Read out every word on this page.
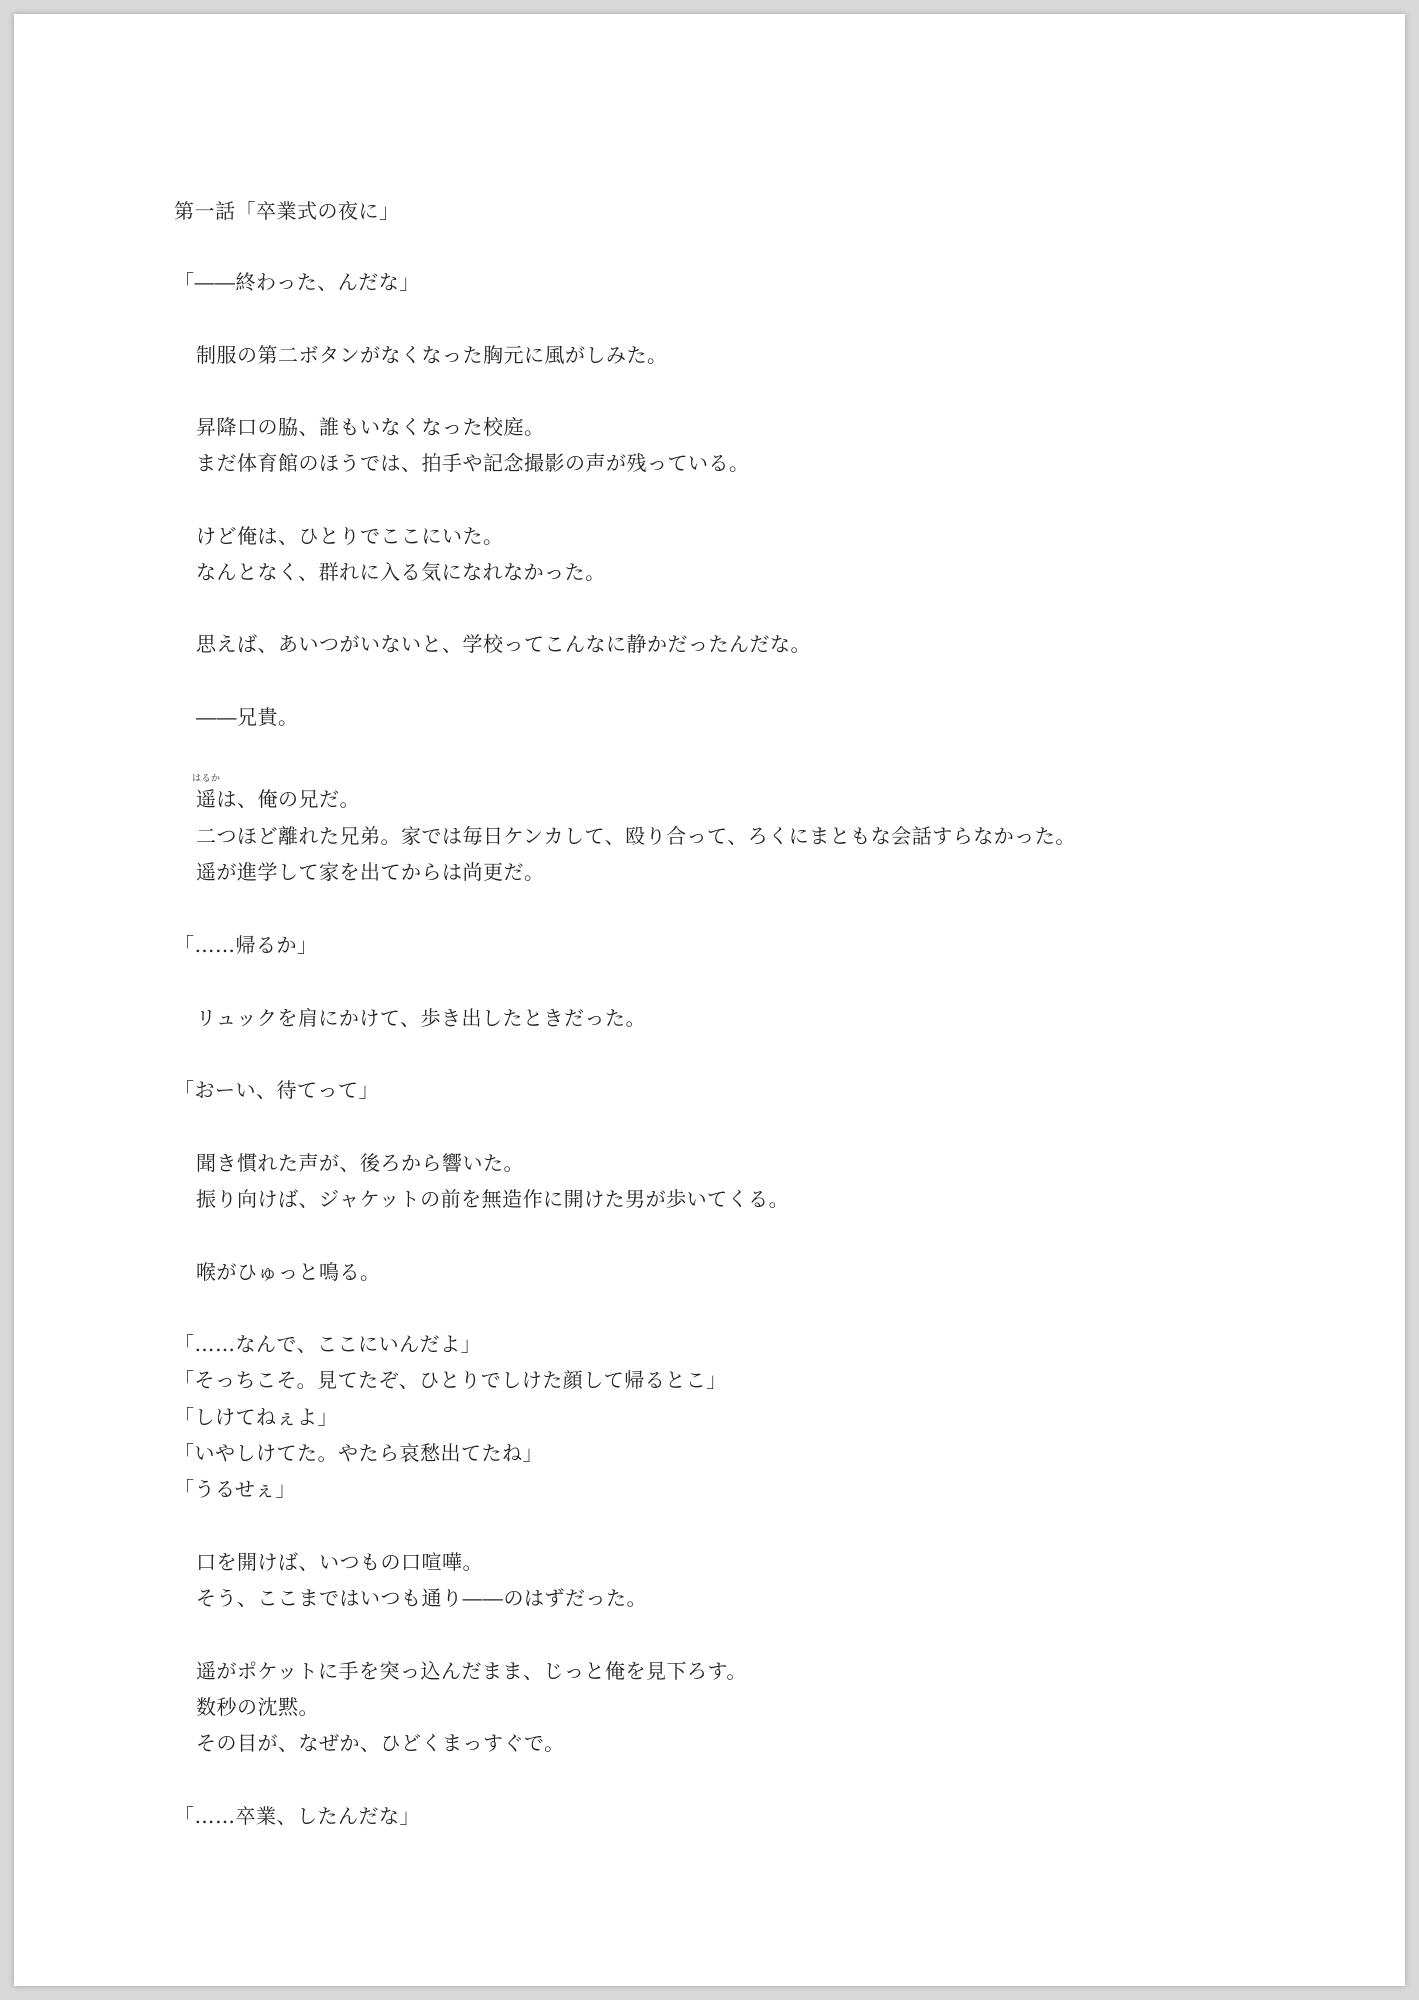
第一話「卒業式の夜に」

「――終わった、んだな」

制服の第二ボタンがなくなった胸元に風がしみた。

昇降口の脇、誰もいなくなった校庭。

まだ体育館のほうでは、拍手や記念撮影の声が残っている。

けど俺は、ひとりでここにいた。

なんとなく、群れに入る気になれなかった。

思えば、あいつがいないと、学校ってこんなに静かだったんだな。

――兄貴。

はるか
遥は、俺の兄だ。

二つほど離れた兄弟。家では毎日ケンカして、殴り合って、ろくにまともな会話すらなかった。

遥が進学して家を出てからは尚更だ。

「……帰るか」

リュックを肩にかけて、歩き出したときだった。

「おーい、待てって」

聞き慣れた声が、後ろから響いた。

振り向けば、ジャケットの前を無造作に開けた男が歩いてくる。

喉がひゅっと鳴る。

「……なんで、ここにいんだよ」

「そっちこそ。見てたぞ、ひとりでしけた顔して帰るとこ」

「しけてねぇよ」

「いやしけてた。やたら哀愁出てたね」

「うるせぇ」

口を開けば、いつもの口喧嘩。

そう、ここまではいつも通り――のはずだった。

遥がポケットに手を突っ込んだまま、じっと俺を見下ろす。

数秒の沈黙。

その目が、なぜか、ひどくまっすぐで。

「……卒業、したんだな」
